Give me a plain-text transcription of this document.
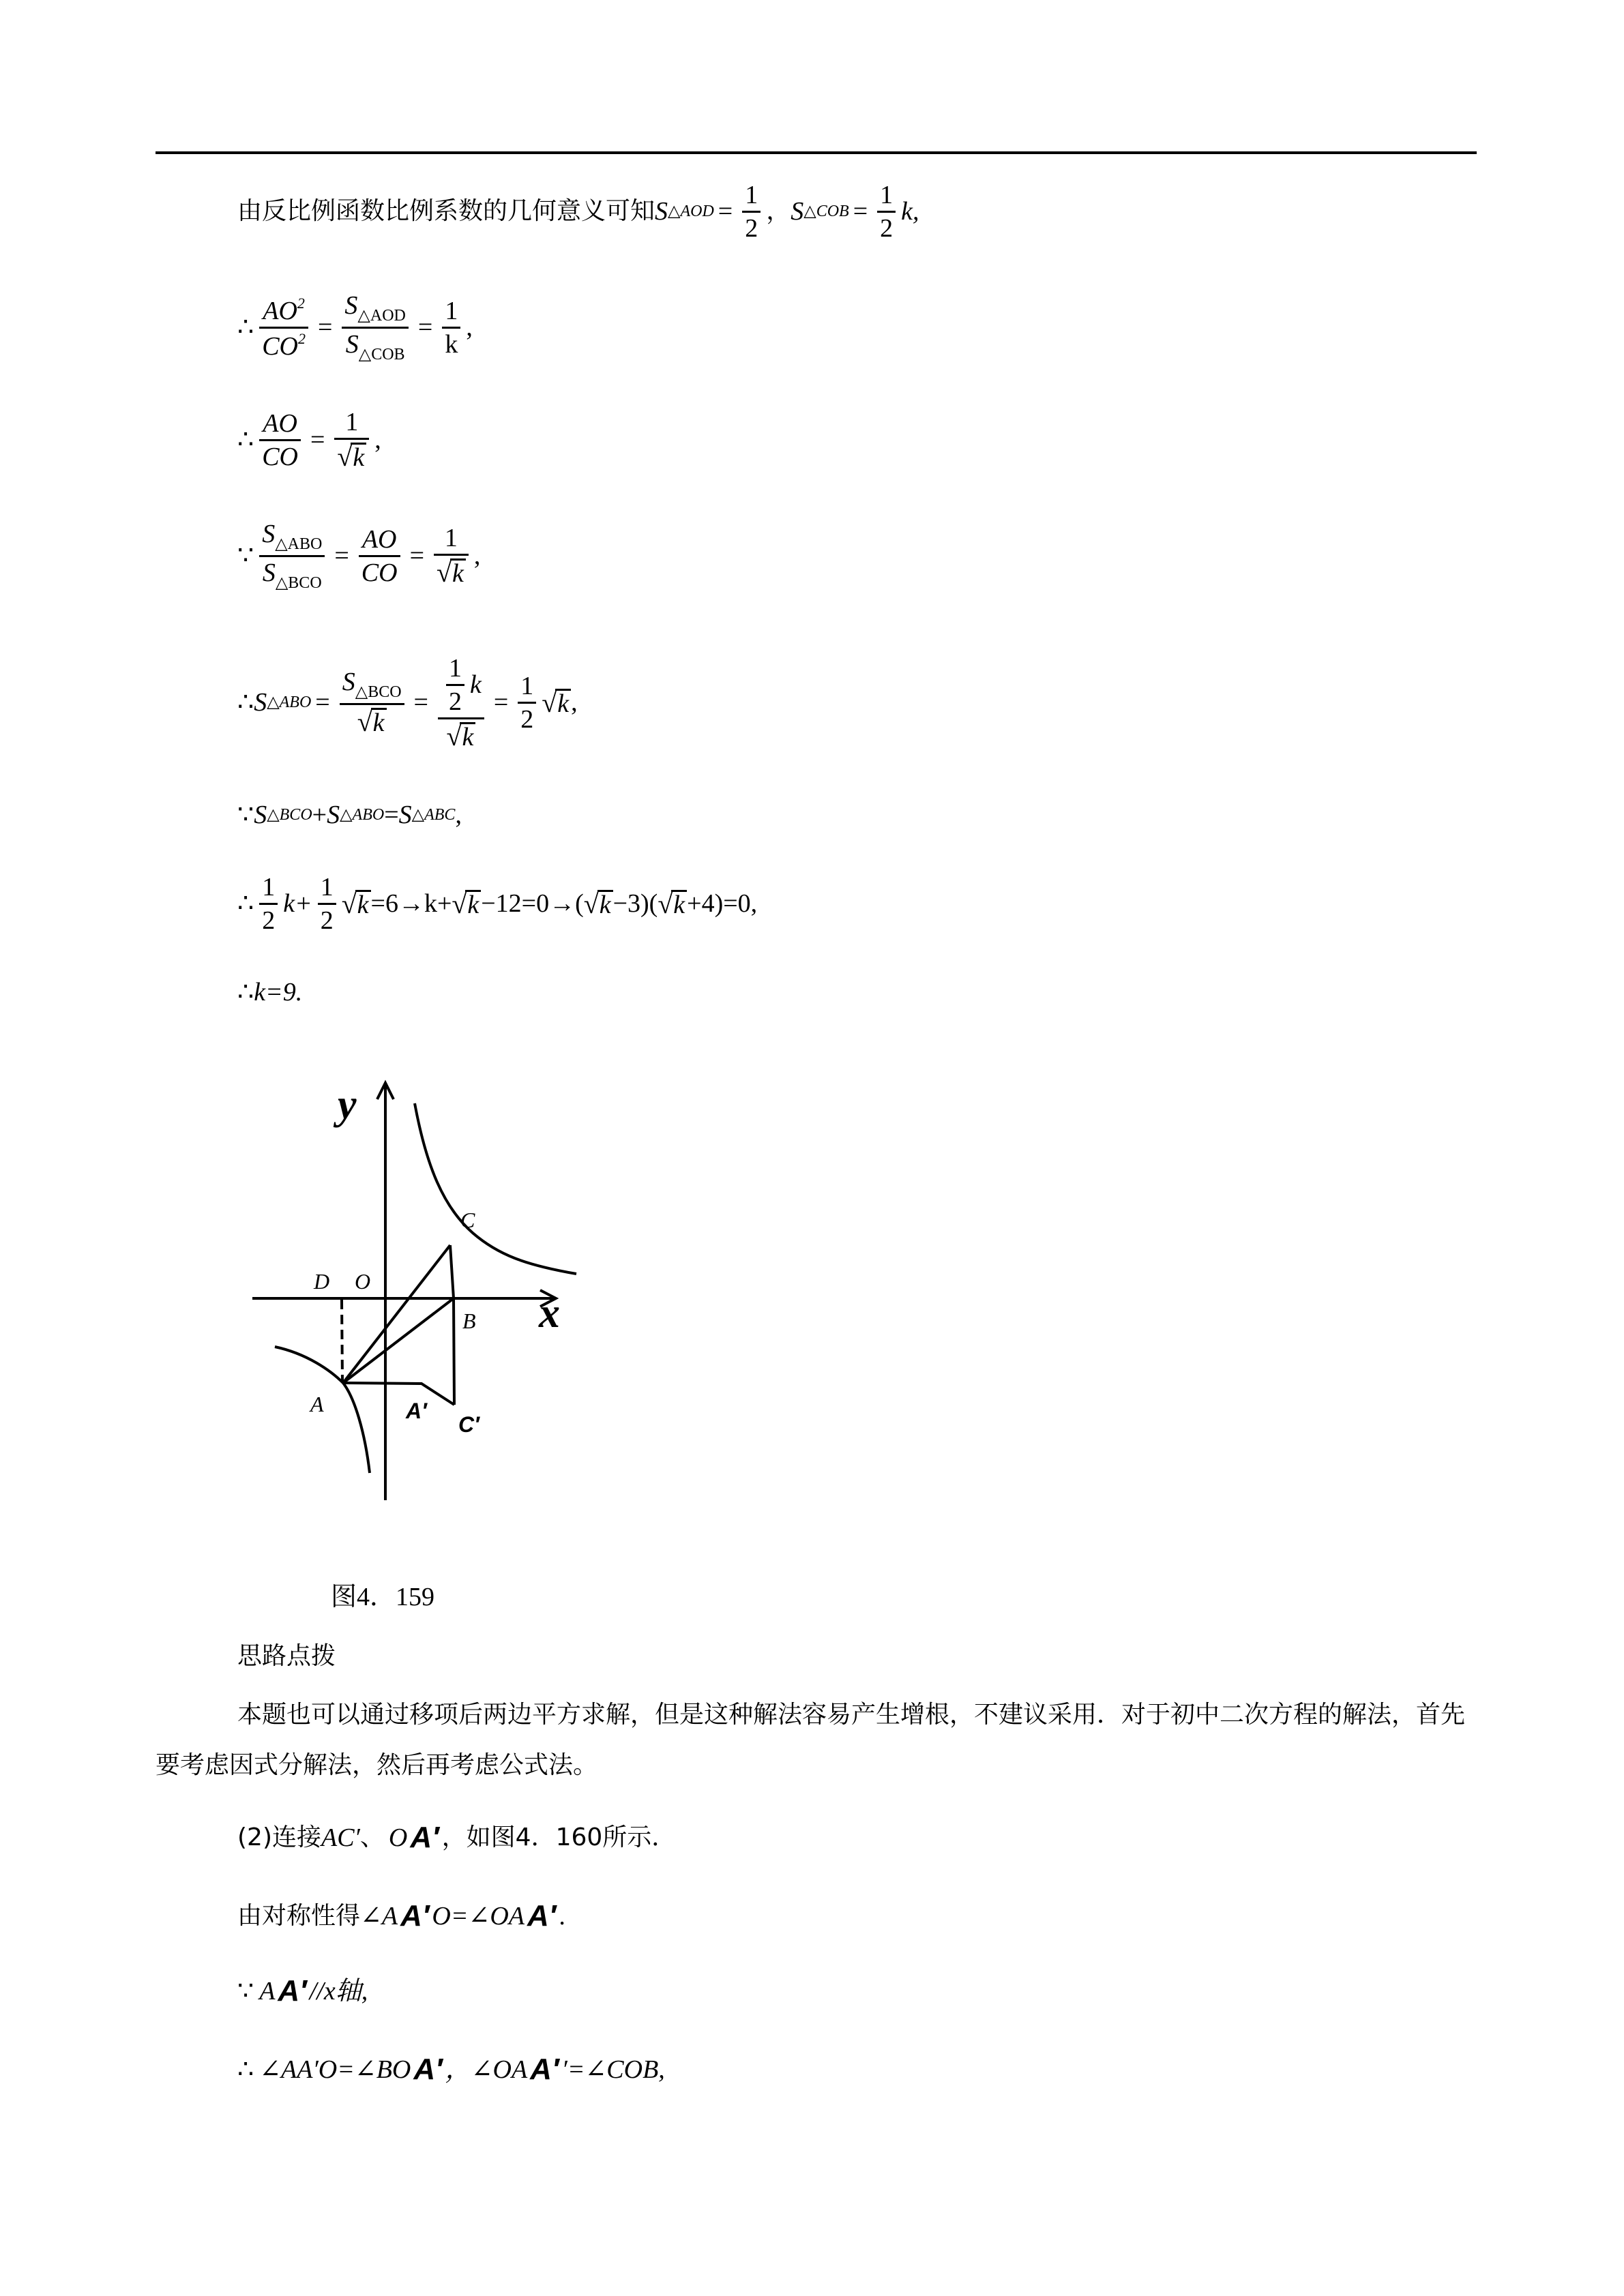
由反比例函数比例系数的几何意义可知 S △AOD = $\frac{1}{2}$ ， S △COB = $\frac{1}{2} k$,
∴ $\frac{AO^2}{CO^2} = \frac{S_{\triangle AOD}}{S_{\triangle COB}} = \frac{1}{k}$ ,
∴ $\frac{AO}{CO} = \frac{1}{√ k}$ ,
∵ $\frac{S_{\triangle ABO}}{S_{\triangle BCO}} = \frac{AO}{CO} = \frac{1}{√ k}$ ,
∴ S △ABO = $\frac{S_{\triangle BCO}}{√ k} = \frac{\frac{1}{2} k}{√ k} = \frac{1}{2}$ √ k ,
∵ S △BCO + S △ABO = S △ABC ,
∴ $\frac{1}{2} k+ \frac{1}{2}$ √ k =6→k+ √ k −12=0→( √ k −3)( √ k +4)=0,
∴ k=9.
y
x
C
D O
B
A	A′
C′
图4．159
思路点拨
本题也可以通过移项后两边平方求解，但是这种解法容易产生增根，不建议采用．对于初中二次方程的解法，首先要考虑因式分解法，然后再考虑公式法。
(2)连接 AC′ 、 O A′ ，如图4．160所示．
由对称性得 ∠A A′ O=∠OA A′ .
∵ A A′ //x轴,
∴ ∠AA′O=∠BO A′ ，∠OA A′ ′=∠COB,
